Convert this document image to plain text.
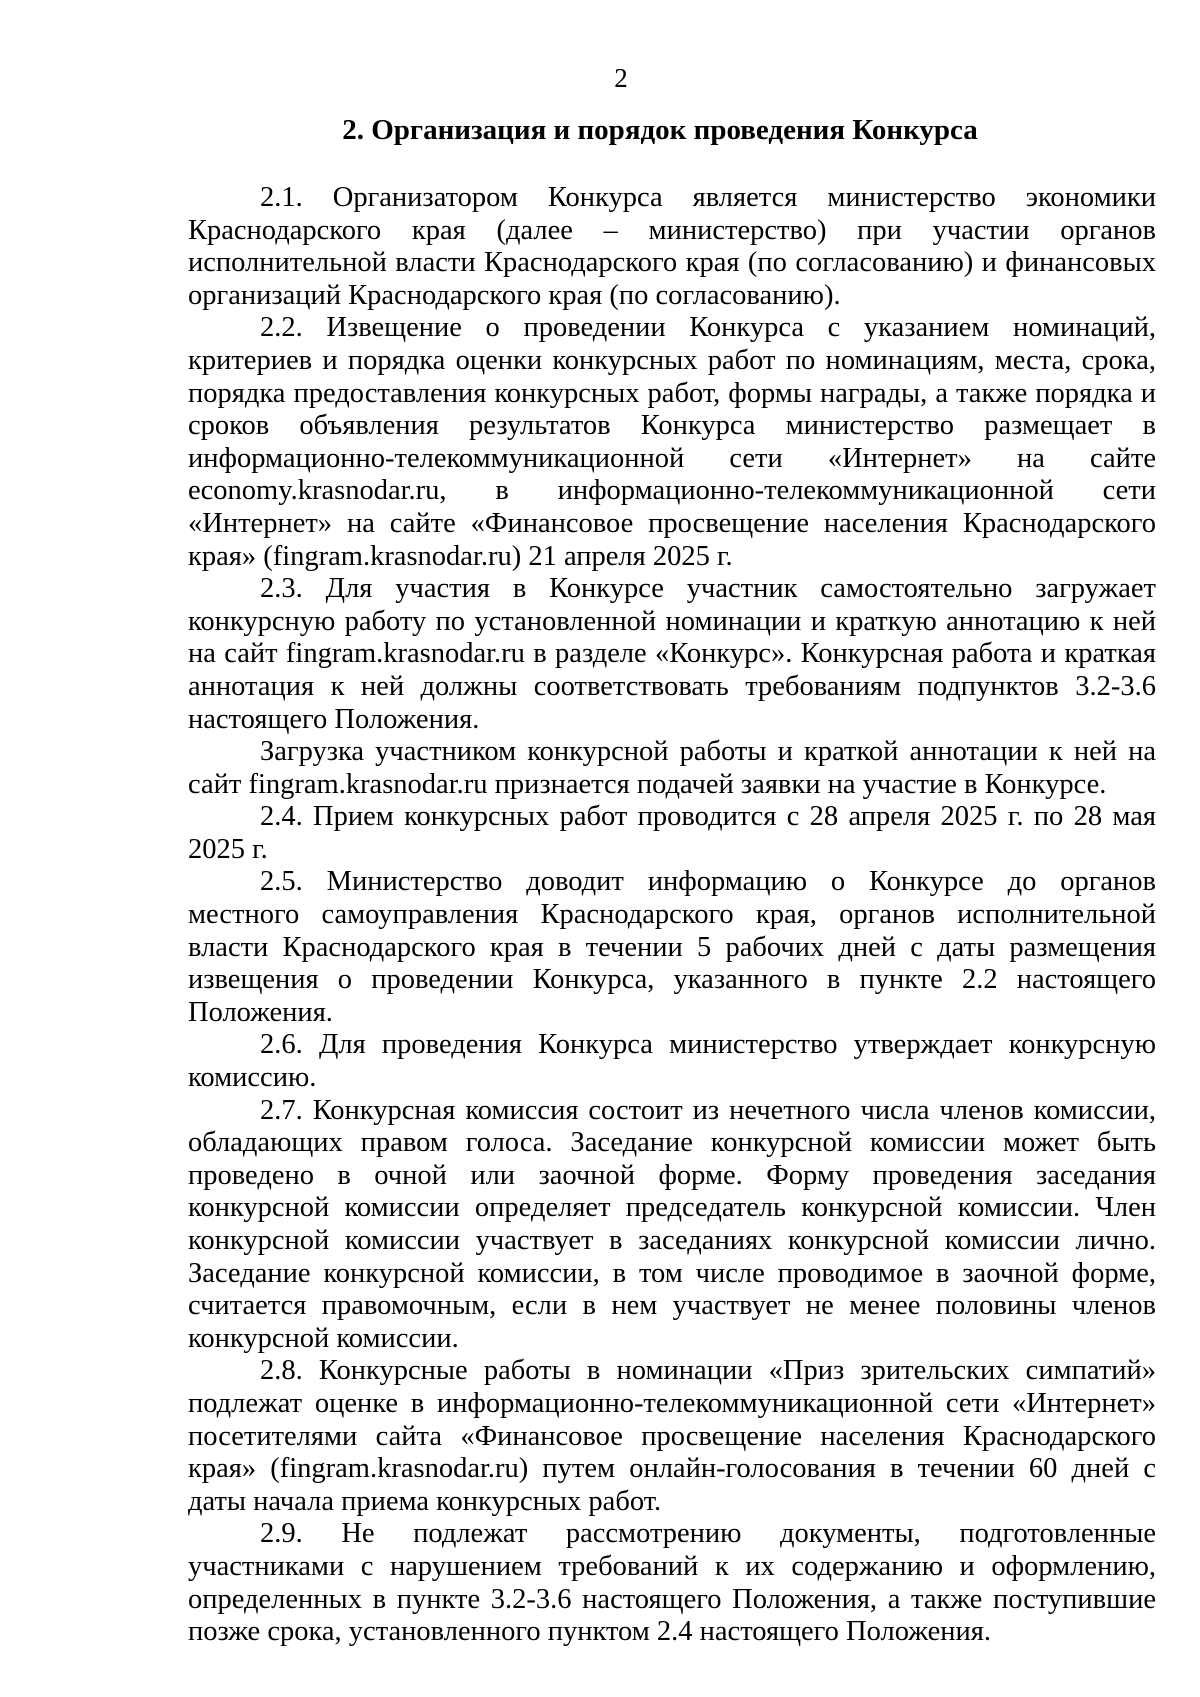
2
2. Организация и порядок проведения Конкурса

2.1. Организатором Конкурса является министерство экономики Краснодарского края (далее – министерство) при участии органов исполнительной власти Краснодарского края (по согласованию) и финансовых организаций Краснодарского края (по согласованию).

2.2. Извещение о проведении Конкурса с указанием номинаций, критериев и порядка оценки конкурсных работ по номинациям, места, срока, порядка предоставления конкурсных работ, формы награды, а также порядка и сроков объявления результатов Конкурса министерство размещает в информационно-телекоммуникационной сети «Интернет» на сайте economy.krasnodar.ru, в информационно-телекоммуникационной сети «Интернет» на сайте «Финансовое просвещение населения Краснодарского края» (fingram.krasnodar.ru) 21 апреля 2025 г.

2.3. Для участия в Конкурсе участник самостоятельно загружает конкурсную работу по установленной номинации и краткую аннотацию к ней на сайт fingram.krasnodar.ru в разделе «Конкурс». Конкурсная работа и краткая аннотация к ней должны соответствовать требованиям подпунктов 3.2-3.6 настоящего Положения.

Загрузка участником конкурсной работы и краткой аннотации к ней на сайт fingram.krasnodar.ru признается подачей заявки на участие в Конкурсе.

2.4. Прием конкурсных работ проводится с 28 апреля 2025 г. по 28 мая 2025 г.

2.5. Министерство доводит информацию о Конкурсе до органов местного самоуправления Краснодарского края, органов исполнительной власти Краснодарского края в течении 5 рабочих дней с даты размещения извещения о проведении Конкурса, указанного в пункте 2.2 настоящего Положения.

2.6. Для проведения Конкурса министерство утверждает конкурсную комиссию.

2.7. Конкурсная комиссия состоит из нечетного числа членов комиссии, обладающих правом голоса. Заседание конкурсной комиссии может быть проведено в очной или заочной форме. Форму проведения заседания конкурсной комиссии определяет председатель конкурсной комиссии. Член конкурсной комиссии участвует в заседаниях конкурсной комиссии лично. Заседание конкурсной комиссии, в том числе проводимое в заочной форме, считается правомочным, если в нем участвует не менее половины членов конкурсной комиссии.

2.8. Конкурсные работы в номинации «Приз зрительских симпатий» подлежат оценке в информационно-телекоммуникационной сети «Интернет» посетителями сайта «Финансовое просвещение населения Краснодарского края» (fingram.krasnodar.ru) путем онлайн-голосования в течении 60 дней с даты начала приема конкурсных работ.

2.9. Не подлежат рассмотрению документы, подготовленные участниками с нарушением требований к их содержанию и оформлению, определенных в пункте 3.2-3.6 настоящего Положения, а также поступившие позже срока, установленного пунктом 2.4 настоящего Положения.
